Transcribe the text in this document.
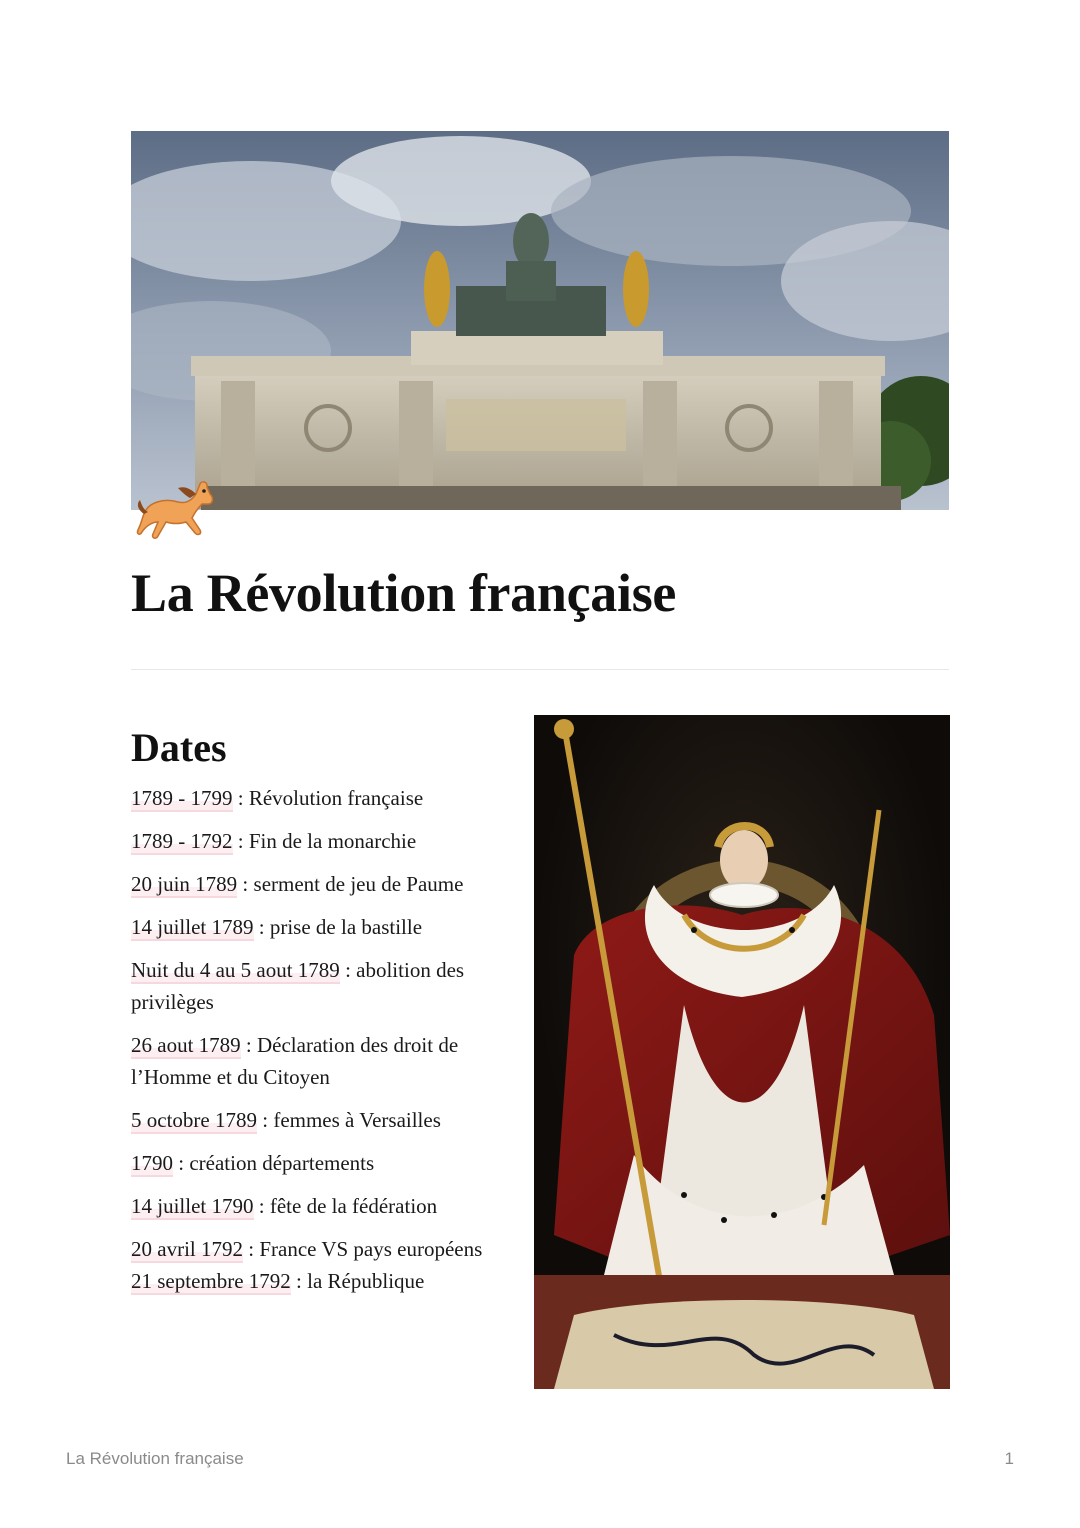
La Révolution française
Dates
1789 - 1799 : Révolution française
1789 - 1792 : Fin de la monarchie
20 juin 1789 : serment de jeu de Paume
14 juillet 1789 : prise de la bastille
Nuit du 4 au 5 aout 1789 : abolition des privilèges
26 aout 1789 : Déclaration des droit de l’Homme et du Citoyen
5 octobre 1789 : femmes à Versailles
1790 : création départements
14 juillet 1790 : fête de la fédération
20 avril 1792 : France VS pays européens
21 septembre 1792 : la République
La Révolution française	1
